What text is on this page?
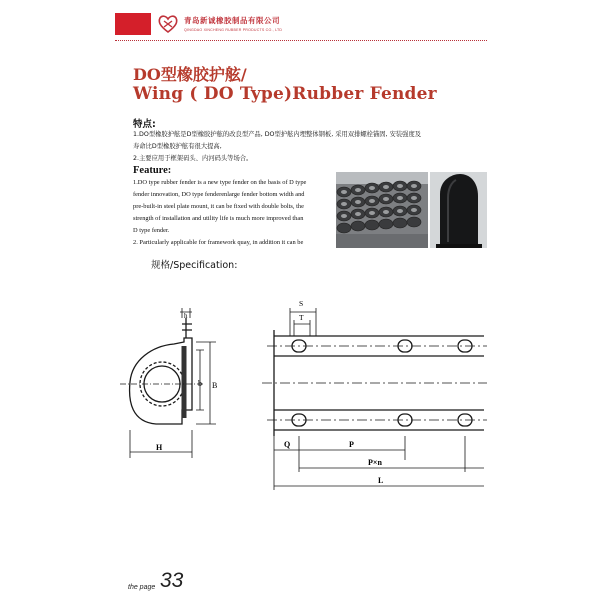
青岛新诚橡胶制品有限公司
QINGDAO XINCHENG RUBBER PRODUCTS CO., LTD
DO型橡胶护舷/
Wing ( DO Type)Rubber Fender
特点:
1.DO型橡胶护舷是D型橡胶护舷的改良型产品, DO型护舷内埋整体钢板, 采用双排螺栓锚固, 安装强度及
寿命比D型橡胶护舷有很大提高,
2.主要应用于框架码头、内河码头等场合。
Feature:
1.DO type rubber fender is a new type fender on the basis of D type
fender innovation, DO type fenderenlarge fender bottom width and
pre-built-in steel plate mount, it can be fixed with double bolts, the
strength of installation and utility life is much more improved than
D type fender.
2. Particularly applicable for framework quay, in addition it can be
规格/Specification:
B
b
H
h
S
T
Q	P
P×n
L
the page 33
